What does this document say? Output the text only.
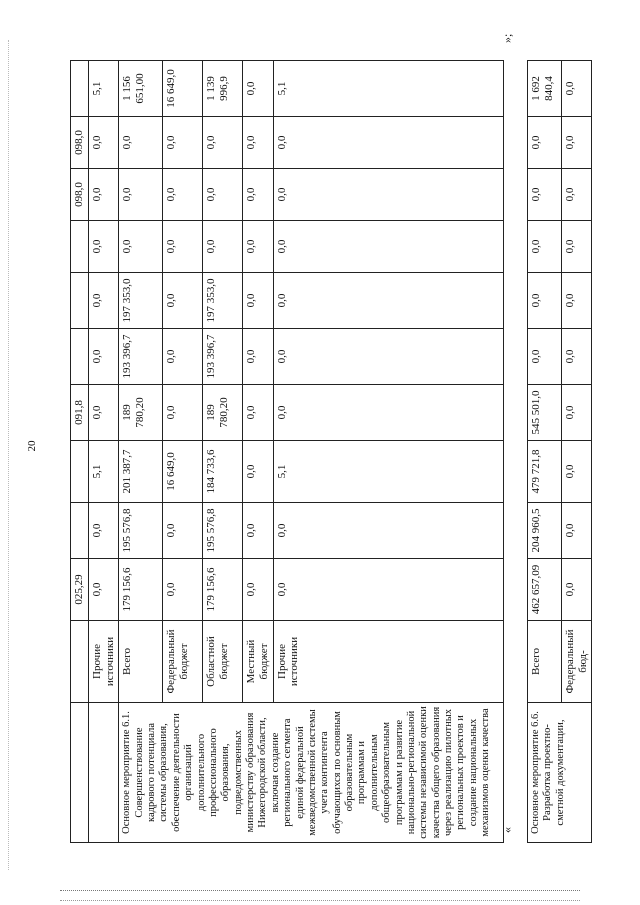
20
		025,29			091,8				098,0	098,0	
	Прочие источники	0,0	0,0	5,1	0,0	0,0	0,0	0,0	0,0	0,0	5,1
Основное мероприятие 6.1. Совершенствование кадрового потенциала системы образования, обеспечение деятельности организаций дополнительного профессионального образования, подведомственных министерству образования Нижегородской области, включая создание регионального сегмента единой федеральной межведомственной системы учета контингента обучающихся по основным образовательным программам и дополнительным общеобразовательным программам и развитие национально-региональной системы независимой оценки качества общего образования через реализацию пилотных региональных проектов и создание национальных механизмов оценки качества	Всего	179 156,6	195 576,8	201 387,7	189 780,20	193 396,7	197 353,0	0,0	0,0	0,0	1 156 651,00
	Федеральный бюджет	0,0	0,0	16 649,0	0,0	0,0	0,0	0,0	0,0	0,0	16 649,0
	Областной бюджет	179 156,6	195 576,8	184 733,6	189 780,20	193 396,7	197 353,0	0,0	0,0	0,0	1 139 996,9
	Местный бюджет	0,0	0,0	0,0	0,0	0,0	0,0	0,0	0,0	0,0	0,0
	Прочие источники	0,0	0,0	5,1	0,0	0,0	0,0	0,0	0,0	0,0	5,1
»;
« Основное мероприятие 6.6. Разработка проектно-сметной документации,	Всего	462 657,09	204 960,5	479 721,8	545 501,0	0,0	0,0	0,0	0,0	0,0	1 692 840,4
	Федеральный бюд-	0,0	0,0	0,0	0,0	0,0	0,0	0,0	0,0	0,0	0,0
